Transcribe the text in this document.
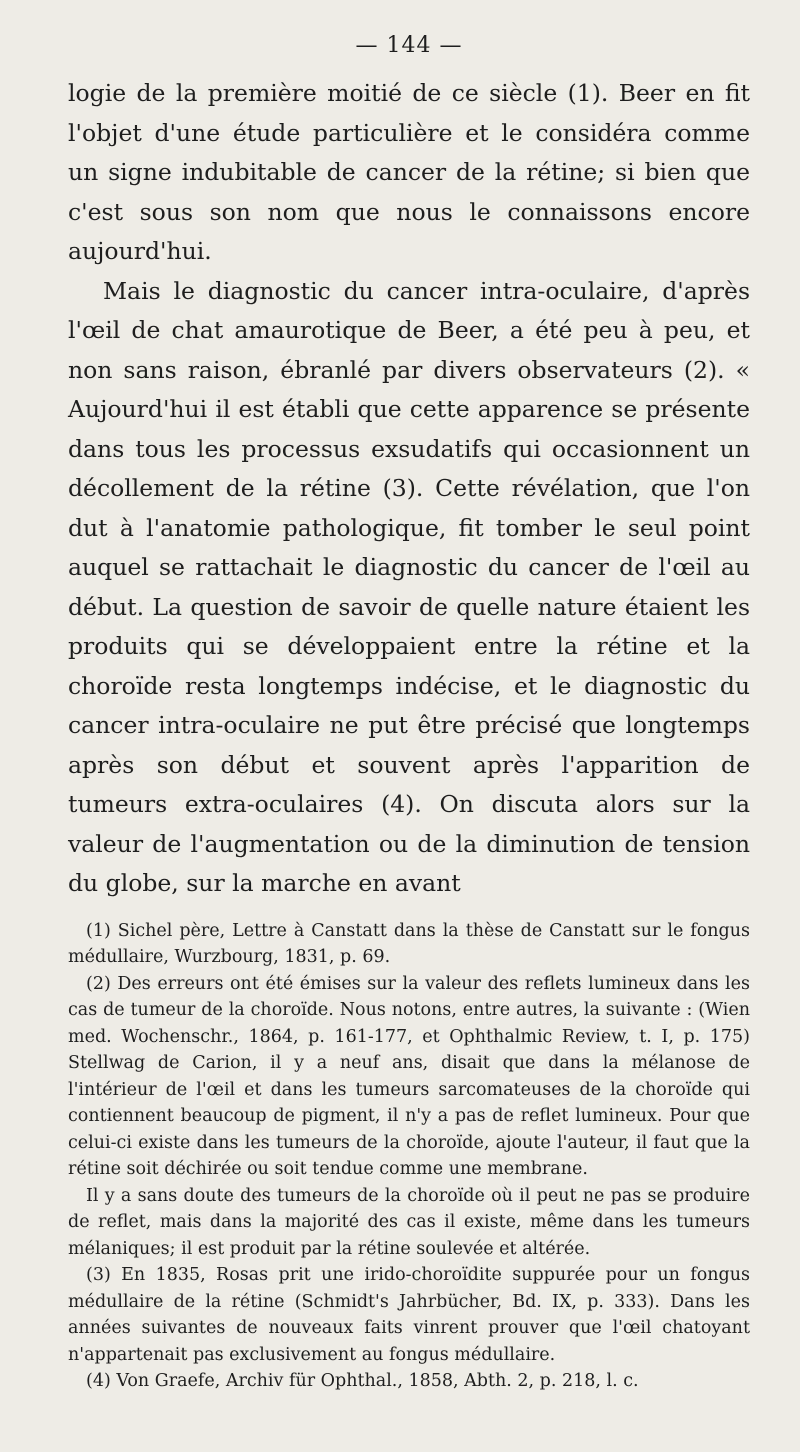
— 144 —

logie de la première moitié de ce siècle (1). Beer en fit l'objet d'une étude particulière et le considéra comme un signe indubitable de cancer de la rétine; si bien que c'est sous son nom que nous le connaissons encore aujourd'hui.

Mais le diagnostic du cancer intra-oculaire, d'après l'œil de chat amaurotique de Beer, a été peu à peu, et non sans raison, ébranlé par divers observateurs (2). « Aujourd'hui il est établi que cette apparence se présente dans tous les processus exsudatifs qui occasionnent un décollement de la rétine (3). Cette révélation, que l'on dut à l'anatomie pathologique, fit tomber le seul point auquel se rattachait le diagnostic du cancer de l'œil au début. La question de savoir de quelle nature étaient les produits qui se développaient entre la rétine et la choroïde resta longtemps indécise, et le diagnostic du cancer intra-oculaire ne put être précisé que longtemps après son début et souvent après l'apparition de tumeurs extra-oculaires (4). On discuta alors sur la valeur de l'augmentation ou de la diminution de tension du globe, sur la marche en avant

(1) Sichel père, Lettre à Canstatt dans la thèse de Canstatt sur le fongus médullaire, Wurzbourg, 1831, p. 69.

(2) Des erreurs ont été émises sur la valeur des reflets lumineux dans les cas de tumeur de la choroïde. Nous notons, entre autres, la suivante : (Wien med. Wochenschr., 1864, p. 161-177, et Ophthalmic Review, t. I, p. 175) Stellwag de Carion, il y a neuf ans, disait que dans la mélanose de l'intérieur de l'œil et dans les tumeurs sarcomateuses de la choroïde qui contiennent beaucoup de pigment, il n'y a pas de reflet lumineux. Pour que celui-ci existe dans les tumeurs de la choroïde, ajoute l'auteur, il faut que la rétine soit déchirée ou soit tendue comme une membrane.

Il y a sans doute des tumeurs de la choroïde où il peut ne pas se produire de reflet, mais dans la majorité des cas il existe, même dans les tumeurs mélaniques; il est produit par la rétine soulevée et altérée.

(3) En 1835, Rosas prit une irido-choroïdite suppurée pour un fongus médullaire de la rétine (Schmidt's Jahrbücher, Bd. IX, p. 333). Dans les années suivantes de nouveaux faits vinrent prouver que l'œil chatoyant n'appartenait pas exclusivement au fongus médullaire.

(4) Von Graefe, Archiv für Ophthal., 1858, Abth. 2, p. 218, l. c.
